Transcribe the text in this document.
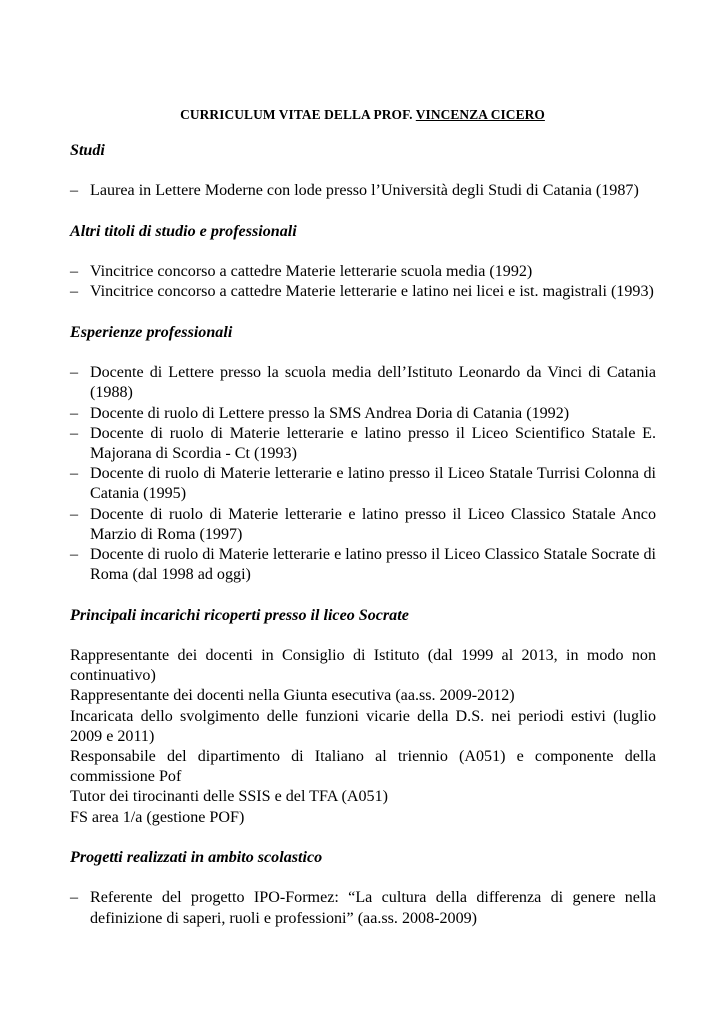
CURRICULUM VITAE DELLA PROF. VINCENZA CICERO
Studi
– Laurea in Lettere Moderne con lode presso l’Università degli Studi di Catania (1987)
Altri titoli di studio e professionali
– Vincitrice concorso a cattedre Materie letterarie scuola media (1992)
– Vincitrice concorso a cattedre Materie letterarie e latino nei licei e ist. magistrali (1993)
Esperienze professionali
– Docente di Lettere presso la scuola media dell’Istituto Leonardo da Vinci di Catania (1988)
– Docente di ruolo di Lettere presso la SMS Andrea Doria di Catania (1992)
– Docente di ruolo di Materie letterarie e latino presso il Liceo Scientifico Statale E. Majorana di Scordia - Ct (1993)
– Docente di ruolo di Materie letterarie e latino presso il Liceo Statale Turrisi Colonna di Catania (1995)
– Docente di ruolo di Materie letterarie e latino presso il Liceo Classico Statale Anco Marzio di Roma (1997)
– Docente di ruolo di Materie letterarie e latino presso il Liceo Classico Statale Socrate di Roma (dal 1998 ad oggi)
Principali incarichi ricoperti presso il liceo Socrate

Rappresentante dei docenti in Consiglio di Istituto (dal 1999 al 2013, in modo non continuativo)

Rappresentante dei docenti nella Giunta esecutiva (aa.ss. 2009-2012)

Incaricata dello svolgimento delle funzioni vicarie della D.S. nei periodi estivi (luglio 2009 e 2011)

Responsabile del dipartimento di Italiano al triennio (A051) e componente della commissione Pof

Tutor dei tirocinanti delle SSIS e del TFA (A051)

FS area 1/a (gestione POF)

Progetti realizzati in ambito scolastico
– Referente del progetto IPO-Formez: “La cultura della differenza di genere nella definizione di saperi, ruoli e professioni” (aa.ss. 2008-2009)
